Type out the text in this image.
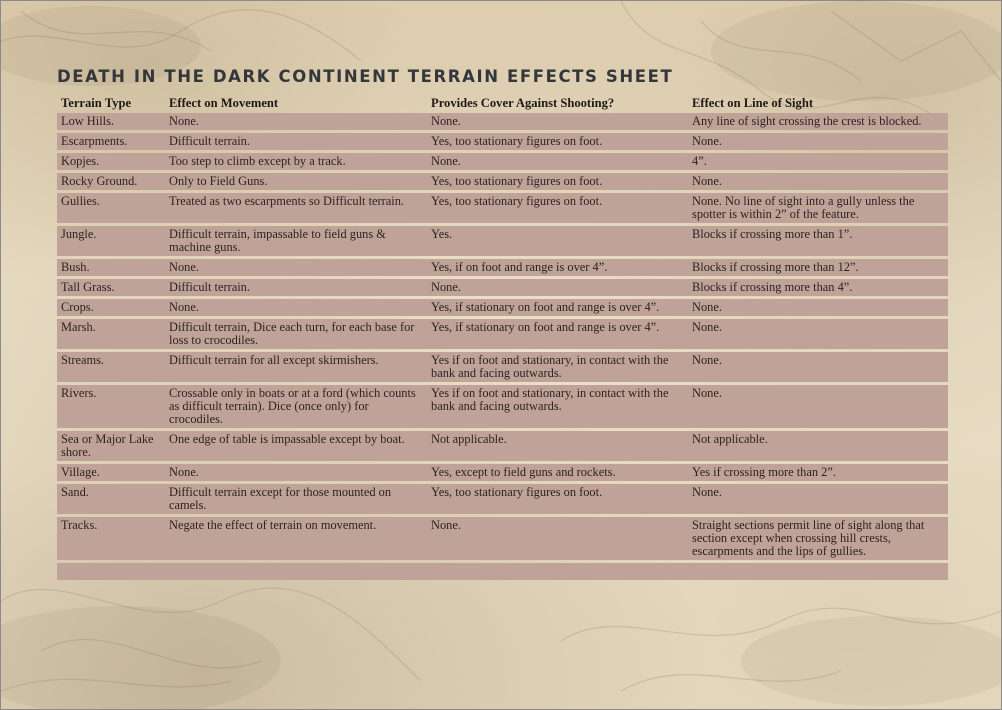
DEATH IN THE DARK CONTINENT TERRAIN EFFECTS SHEET
Terrain Type	Effect on Movement	Provides Cover Against Shooting?	Effect on Line of Sight
Low Hills.	None.	None.	Any line of sight crossing the crest is blocked.
Escarpments.	Difficult terrain.	Yes, too stationary figures on foot.	None.
Kopjes.	Too step to climb except by a track.	None.	4”.
Rocky Ground.	Only to Field Guns.	Yes, too stationary figures on foot.	None.
Gullies.	Treated as two escarpments so Difficult terrain.	Yes, too stationary figures on foot.	None. No line of sight into a gully unless the spotter is within 2” of the feature.
Jungle.	Difficult terrain, impassable to field guns & machine guns.	Yes.	Blocks if crossing more than 1”.
Bush.	None.	Yes, if on foot and range is over 4”.	Blocks if crossing more than 12”.
Tall Grass.	Difficult terrain.	None.	Blocks if crossing more than 4”.
Crops.	None.	Yes, if stationary on foot and range is over 4”.	None.
Marsh.	Difficult terrain, Dice each turn, for each base for loss to crocodiles.	Yes, if stationary on foot and range is over 4”.	None.
Streams.	Difficult terrain for all except skirmishers.	Yes if on foot and stationary, in contact with the bank and facing outwards.	None.
Rivers.	Crossable only in boats or at a ford (which counts as difficult terrain). Dice (once only) for crocodiles.	Yes if on foot and stationary, in contact with the bank and facing outwards.	None.
Sea or Major Lake shore.	One edge of table is impassable except by boat.	Not applicable.	Not applicable.
Village.	None.	Yes, except to field guns and rockets.	Yes if crossing more than 2”.
Sand.	Difficult terrain except for those mounted on camels.	Yes, too stationary figures on foot.	None.
Tracks.	Negate the effect of terrain on movement.	None.	Straight sections permit line of sight along that section except when crossing hill crests, escarpments and the lips of gullies.
